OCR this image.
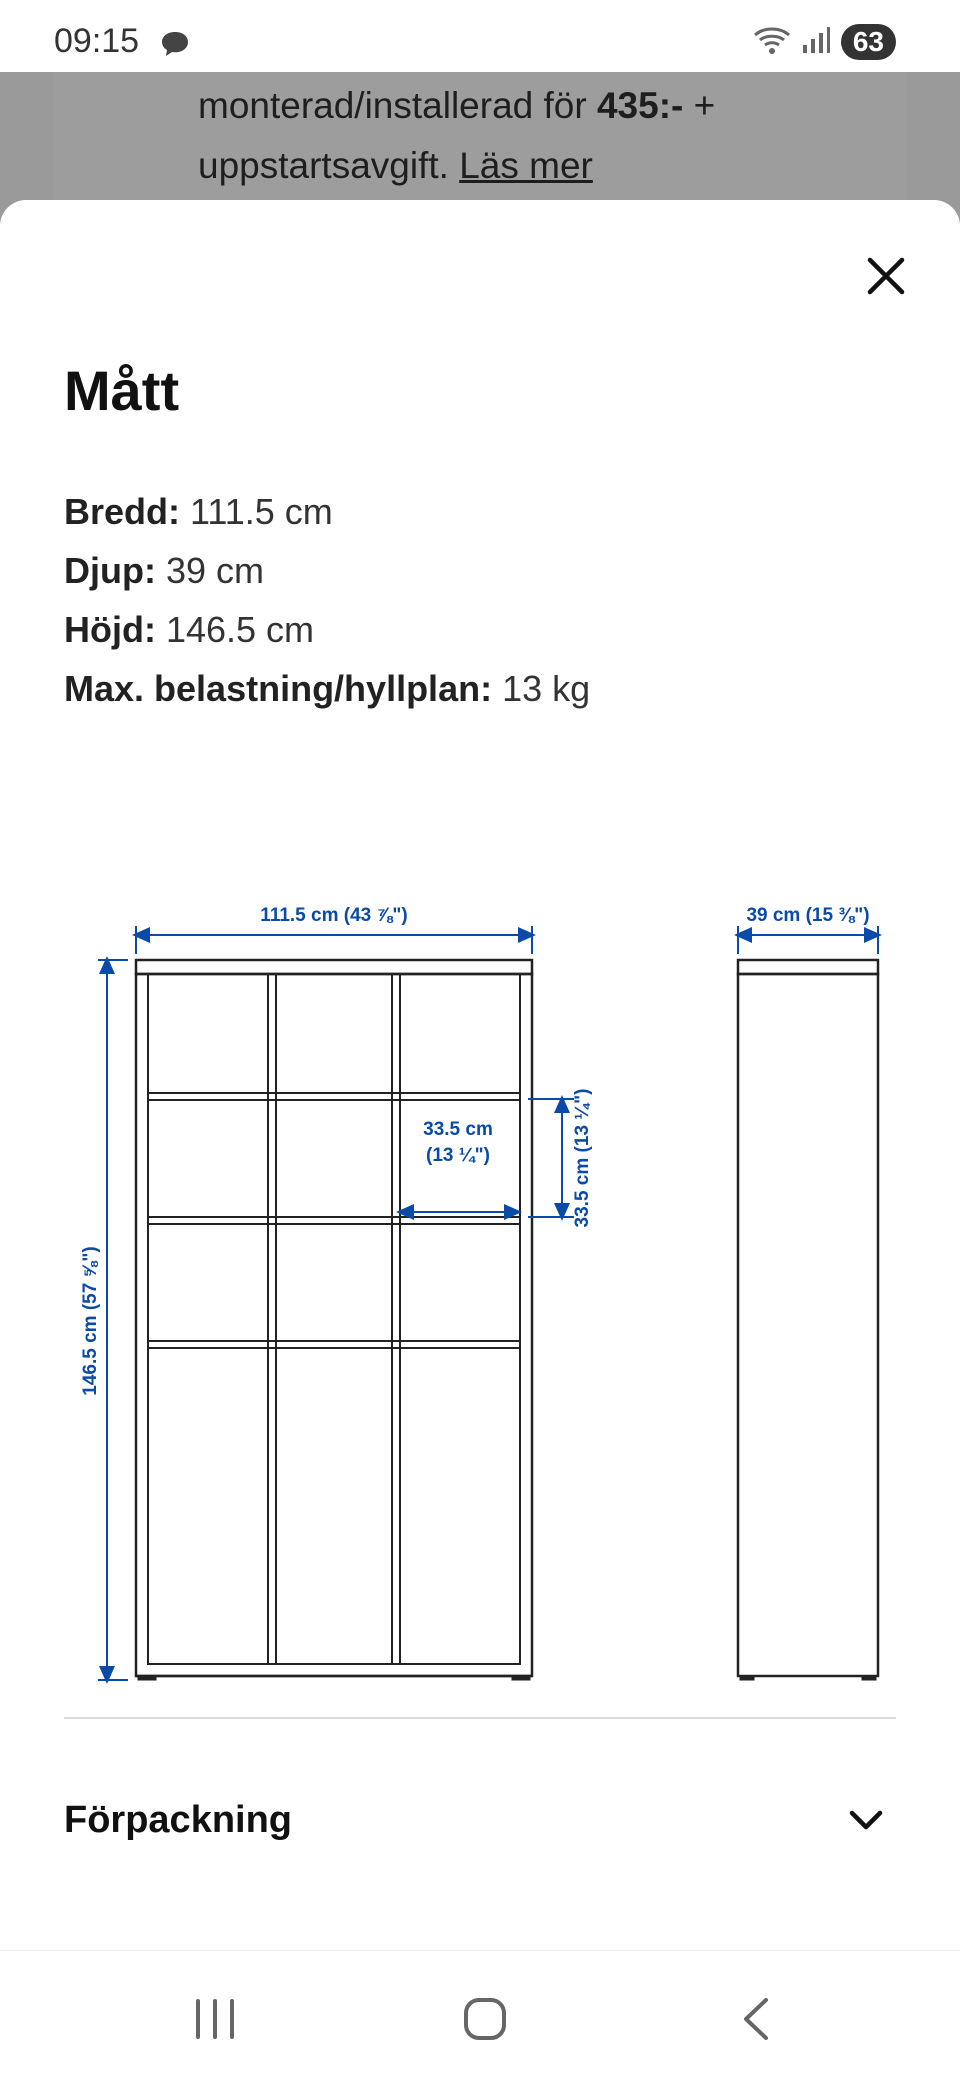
09:15	63
monterad/installerad för 435:- +
uppstartsavgift. Läs mer
Mått
Bredd: 111.5 cm
Djup: 39 cm
Höjd: 146.5 cm
Max. belastning/hyllplan: 13 kg
111.5 cm (43 ⅞")	39 cm (15 ⅜")
146.5 cm (57 ⅝")
33.5 cm
(13 ¼")	33.5 cm (13 ¼")
Förpackning
